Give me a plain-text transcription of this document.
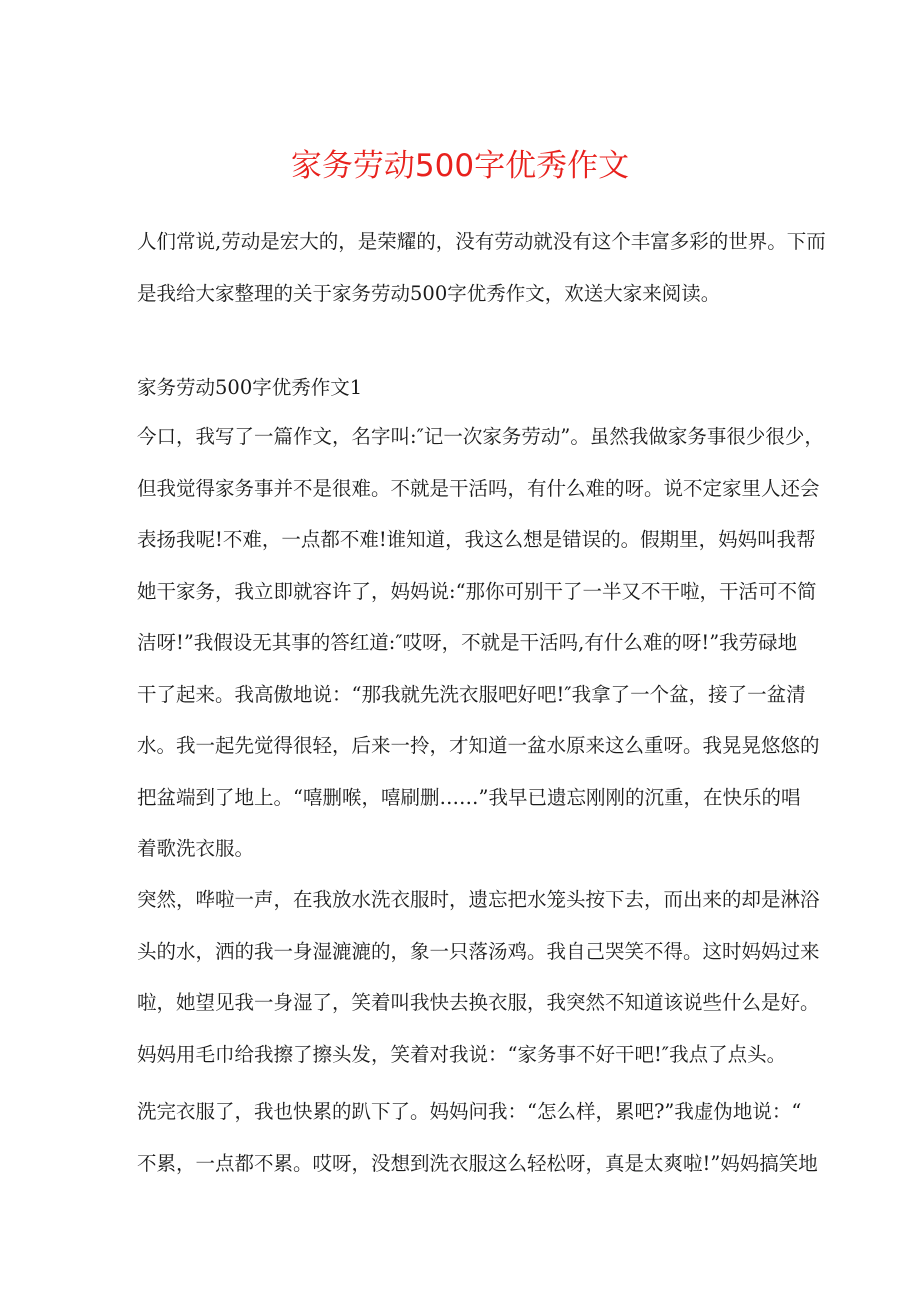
家务劳动500字优秀作文
人们常说,劳动是宏大的，是荣耀的，没有劳动就没有这个丰富多彩的世界。下而
是我给大家整理的关于家务劳动500字优秀作文，欢送大家来阅读。

家务劳动500字优秀作文1

今口，我写了一篇作文，名字叫:″记一次家务劳动”。虽然我做家务事很少很少，
但我觉得家务事并不是很难。不就是干活吗，有什么难的呀。说不定家里人还会
表扬我呢!不难，一点都不难!谁知道，我这么想是错误的。假期里，妈妈叫我帮
她干家务，我立即就容许了，妈妈说:“那你可别干了一半又不干啦，干活可不简
洁呀!”我假设无其事的答红道:″哎呀，不就是干活吗,有什么难的呀!”我劳碌地
干了起来。我高傲地说：“那我就先洗衣服吧好吧!″我拿了一个盆，接了一盆清
水。我一起先觉得很轻，后来一拎，才知道一盆水原来这么重呀。我晃晃悠悠的
把盆端到了地上。“嘻删喉，嘻刷删……”我早已遗忘刚刚的沉重，在快乐的唱
着歌洗衣服。
突然，哗啦一声，在我放水洗衣服时，遗忘把水笼头按下去，而出来的却是淋浴
头的水，洒的我一身湿漉漉的，象一只落汤鸡。我自己哭笑不得。这时妈妈过来
啦，她望见我一身湿了，笑着叫我快去换衣服，我突然不知道该说些什么是好。
妈妈用毛巾给我擦了擦头发，笑着对我说：“家务事不好干吧!″我点了点头。
洗完衣服了，我也快累的趴下了。妈妈问我：“怎么样，累吧?”我虚伪地说：“
不累，一点都不累。哎呀，没想到洗衣服这么轻松呀，真是太爽啦!”妈妈搞笑地
